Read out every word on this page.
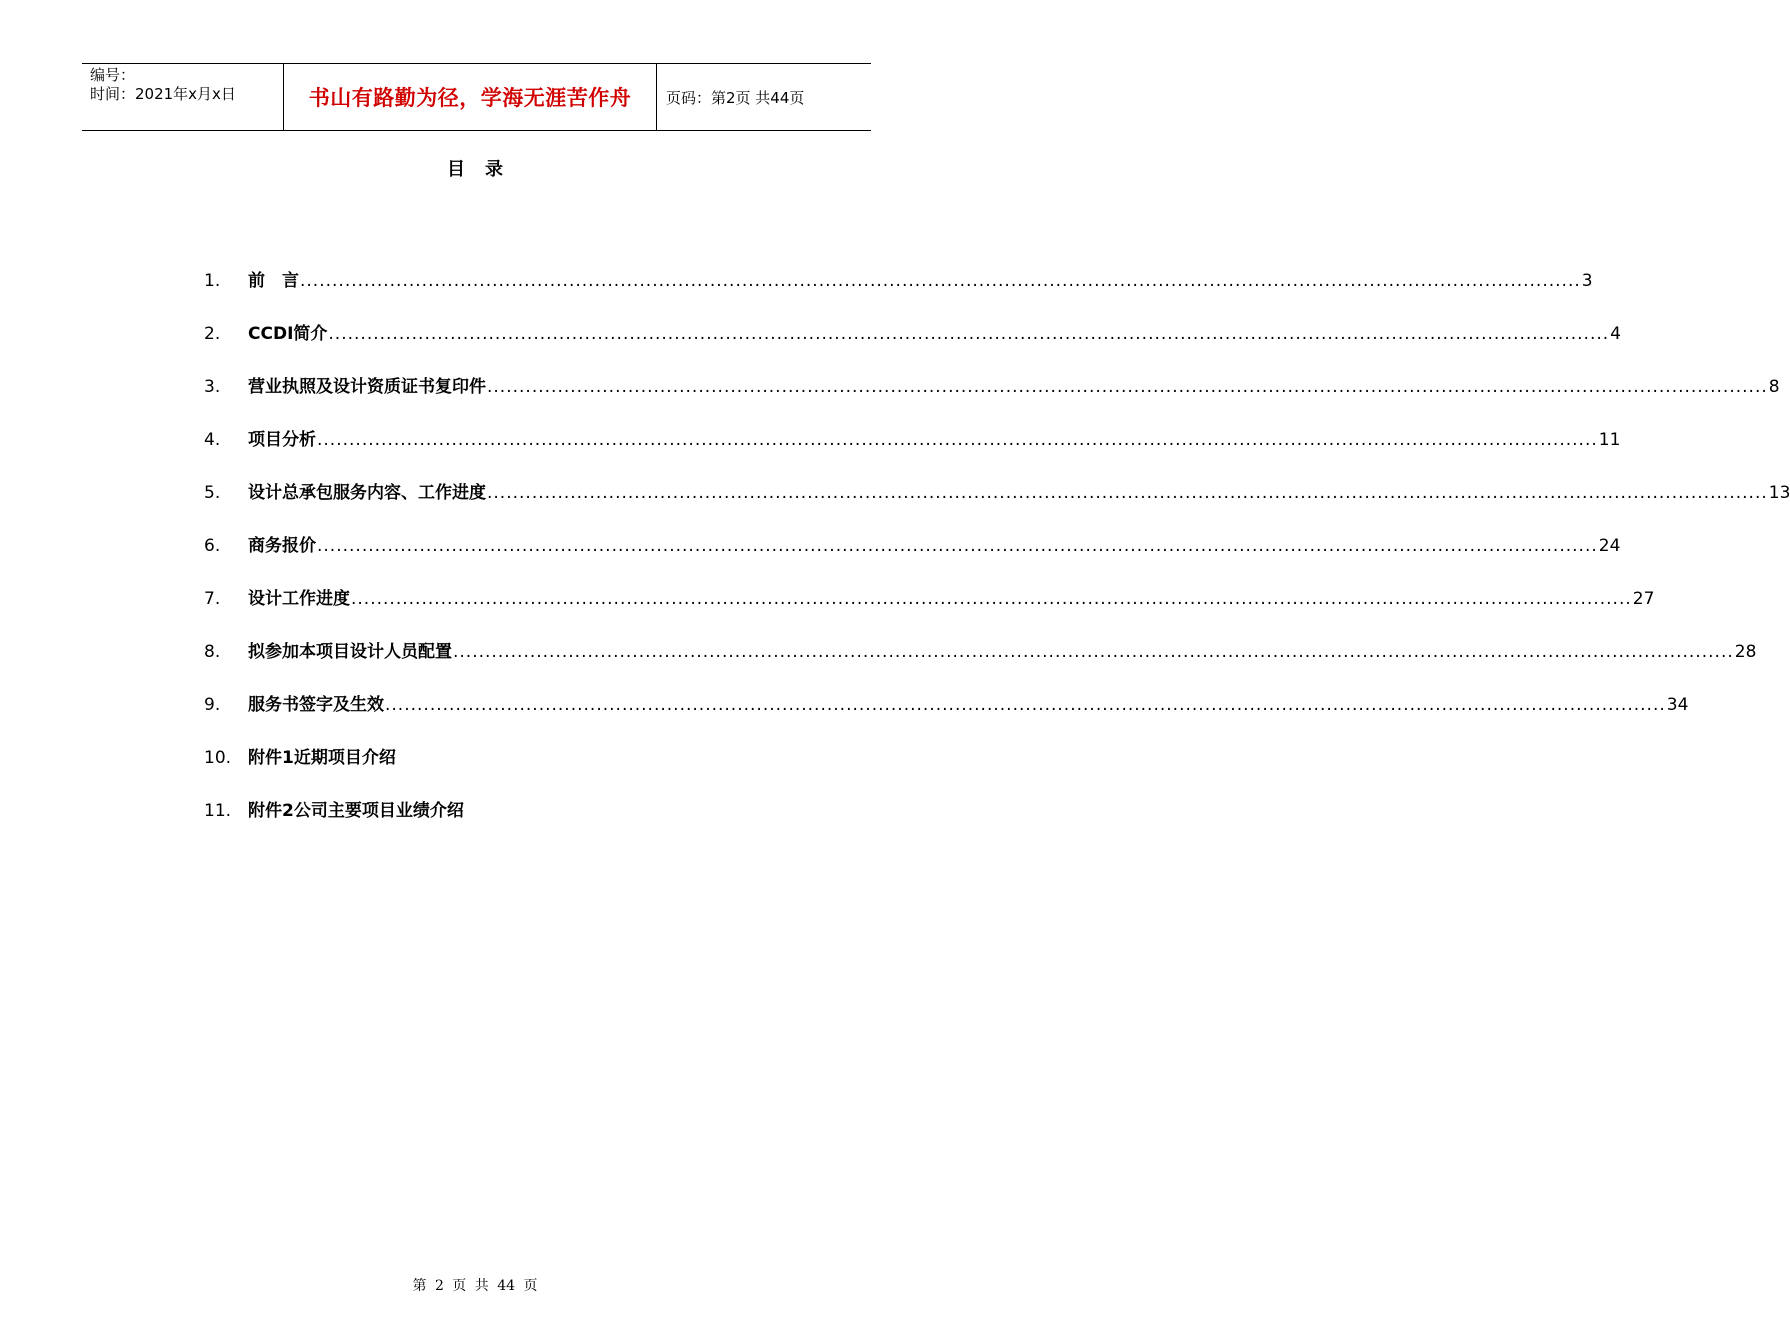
编号：
时间：2021年x月x日	书山有路勤为径，学海无涯苦作舟	页码：第2页 共44页
目录
1.	前　言 ........................................................................................................................................................................................................ 3
2.	CCDI简介 ........................................................................................................................................................................................................ 4
3.	营业执照及设计资质证书复印件 ........................................................................................................................................................................................................ 8
4.	项目分析 ........................................................................................................................................................................................................ 11
5.	设计总承包服务内容、工作进度 ........................................................................................................................................................................................................ 13
6.	商务报价 ........................................................................................................................................................................................................ 24
7.	设计工作进度 ........................................................................................................................................................................................................ 27
8.	拟参加本项目设计人员配置 ........................................................................................................................................................................................................ 28
9.	服务书签字及生效 ........................................................................................................................................................................................................ 34
10. 附件1近期项目介绍
11. 附件2公司主要项目业绩介绍
第 2 页 共 44 页
